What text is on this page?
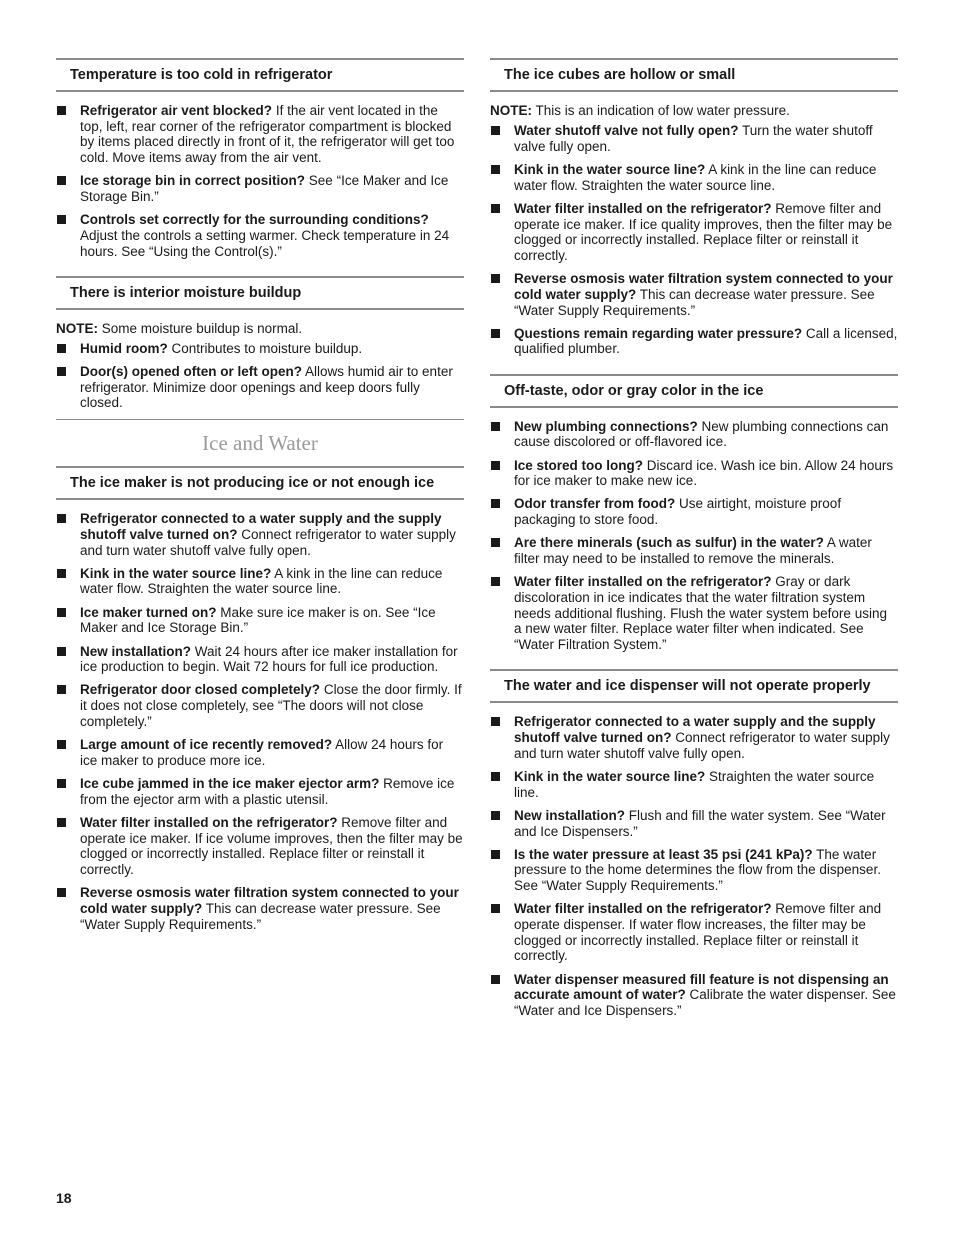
Temperature is too cold in refrigerator
Refrigerator air vent blocked? If the air vent located in the top, left, rear corner of the refrigerator compartment is blocked by items placed directly in front of it, the refrigerator will get too cold. Move items away from the air vent.
Ice storage bin in correct position? See “Ice Maker and Ice Storage Bin.”
Controls set correctly for the surrounding conditions? Adjust the controls a setting warmer. Check temperature in 24 hours. See “Using the Control(s).”
There is interior moisture buildup

NOTE: Some moisture buildup is normal.

Humid room? Contributes to moisture buildup.
Door(s) opened often or left open? Allows humid air to enter refrigerator. Minimize door openings and keep doors fully closed.
Ice and Water
The ice maker is not producing ice or not enough ice
Refrigerator connected to a water supply and the supply shutoff valve turned on? Connect refrigerator to water supply and turn water shutoff valve fully open.
Kink in the water source line? A kink in the line can reduce water flow. Straighten the water source line.
Ice maker turned on? Make sure ice maker is on. See “Ice Maker and Ice Storage Bin.”
New installation? Wait 24 hours after ice maker installation for ice production to begin. Wait 72 hours for full ice production.
Refrigerator door closed completely? Close the door firmly. If it does not close completely, see “The doors will not close completely.”
Large amount of ice recently removed? Allow 24 hours for ice maker to produce more ice.
Ice cube jammed in the ice maker ejector arm? Remove ice from the ejector arm with a plastic utensil.
Water filter installed on the refrigerator? Remove filter and operate ice maker. If ice volume improves, then the filter may be clogged or incorrectly installed. Replace filter or reinstall it correctly.
Reverse osmosis water filtration system connected to your cold water supply? This can decrease water pressure. See “Water Supply Requirements.”
The ice cubes are hollow or small

NOTE: This is an indication of low water pressure.

Water shutoff valve not fully open? Turn the water shutoff valve fully open.
Kink in the water source line? A kink in the line can reduce water flow. Straighten the water source line.
Water filter installed on the refrigerator? Remove filter and operate ice maker. If ice quality improves, then the filter may be clogged or incorrectly installed. Replace filter or reinstall it correctly.
Reverse osmosis water filtration system connected to your cold water supply? This can decrease water pressure. See “Water Supply Requirements.”
Questions remain regarding water pressure? Call a licensed, qualified plumber.
Off-taste, odor or gray color in the ice
New plumbing connections? New plumbing connections can cause discolored or off-flavored ice.
Ice stored too long? Discard ice. Wash ice bin. Allow 24 hours for ice maker to make new ice.
Odor transfer from food? Use airtight, moisture proof packaging to store food.
Are there minerals (such as sulfur) in the water? A water filter may need to be installed to remove the minerals.
Water filter installed on the refrigerator? Gray or dark discoloration in ice indicates that the water filtration system needs additional flushing. Flush the water system before using a new water filter. Replace water filter when indicated. See “Water Filtration System.”
The water and ice dispenser will not operate properly
Refrigerator connected to a water supply and the supply shutoff valve turned on? Connect refrigerator to water supply and turn water shutoff valve fully open.
Kink in the water source line? Straighten the water source line.
New installation? Flush and fill the water system. See “Water and Ice Dispensers.”
Is the water pressure at least 35 psi (241 kPa)? The water pressure to the home determines the flow from the dispenser. See “Water Supply Requirements.”
Water filter installed on the refrigerator? Remove filter and operate dispenser. If water flow increases, the filter may be clogged or incorrectly installed. Replace filter or reinstall it correctly.
Water dispenser measured fill feature is not dispensing an accurate amount of water? Calibrate the water dispenser. See “Water and Ice Dispensers.”
18
